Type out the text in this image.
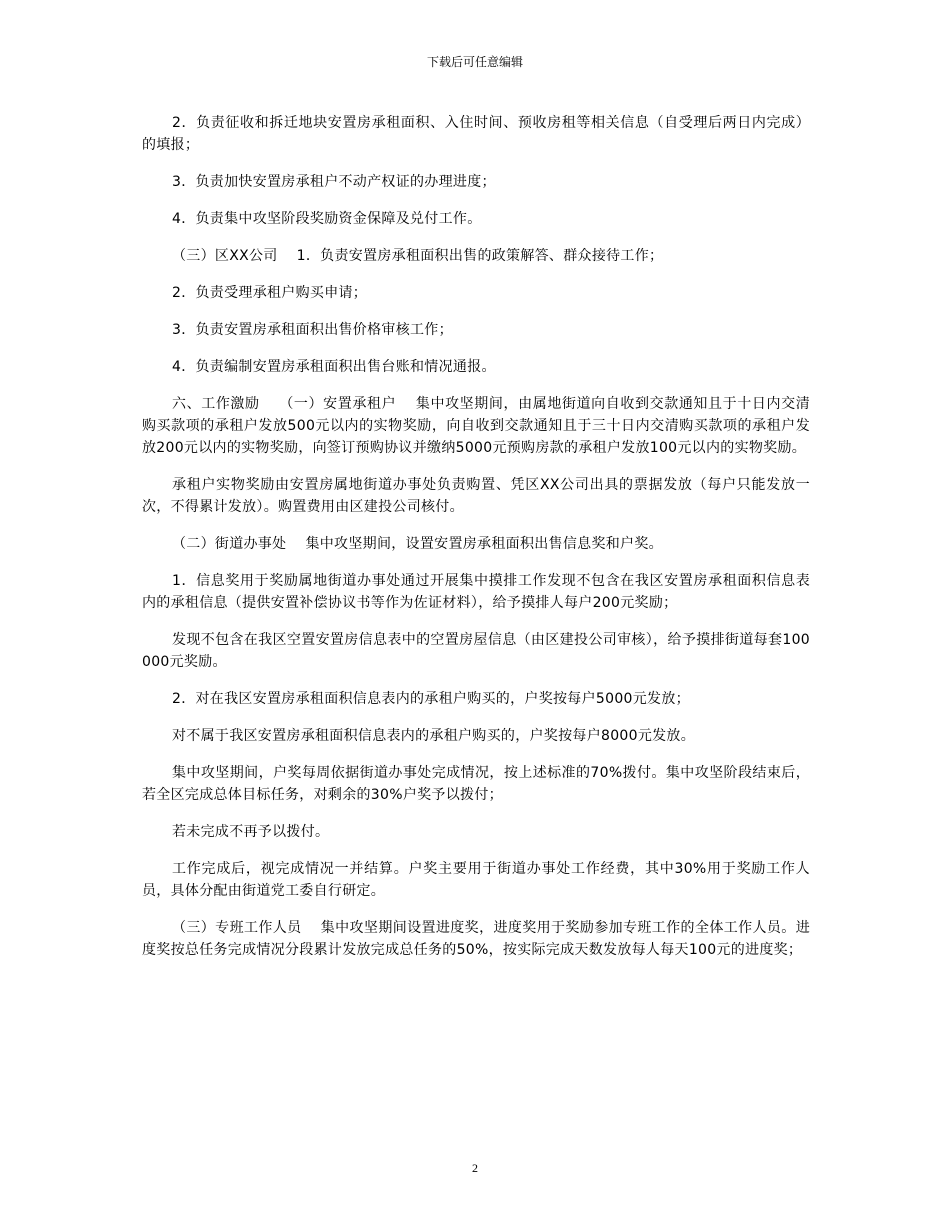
下载后可任意编辑

2．负责征收和拆迁地块安置房承租面积、入住时间、预收房租等相关信息（自受理后两日内完成）的填报；

3．负责加快安置房承租户不动产权证的办理进度；

4．负责集中攻坚阶段奖励资金保障及兑付工作。

（三）区XX公司　 1．负责安置房承租面积出售的政策解答、群众接待工作；

2．负责受理承租户购买申请；

3．负责安置房承租面积出售价格审核工作；

4．负责编制安置房承租面积出售台账和情况通报。

六、工作激励　 （一）安置承租户　 集中攻坚期间，由属地街道向自收到交款通知且于十日内交清购买款项的承租户发放500元以内的实物奖励，向自收到交款通知且于三十日内交清购买款项的承租户发放200元以内的实物奖励，向签订预购协议并缴纳5000元预购房款的承租户发放100元以内的实物奖励。

承租户实物奖励由安置房属地街道办事处负责购置、凭区XX公司出具的票据发放（每户只能发放一次，不得累计发放）。购置费用由区建投公司核付。

（二）街道办事处　 集中攻坚期间，设置安置房承租面积出售信息奖和户奖。

1．信息奖用于奖励属地街道办事处通过开展集中摸排工作发现不包含在我区安置房承租面积信息表内的承租信息（提供安置补偿协议书等作为佐证材料），给予摸排人每户200元奖励；

发现不包含在我区空置安置房信息表中的空置房屋信息（由区建投公司审核），给予摸排街道每套100000元奖励。

2．对在我区安置房承租面积信息表内的承租户购买的，户奖按每户5000元发放；

对不属于我区安置房承租面积信息表内的承租户购买的，户奖按每户8000元发放。

集中攻坚期间，户奖每周依据街道办事处完成情况，按上述标准的70%拨付。集中攻坚阶段结束后，若全区完成总体目标任务，对剩余的30%户奖予以拨付；

若未完成不再予以拨付。

工作完成后，视完成情况一并结算。户奖主要用于街道办事处工作经费，其中30%用于奖励工作人员，具体分配由街道党工委自行研定。

（三）专班工作人员　 集中攻坚期间设置进度奖，进度奖用于奖励参加专班工作的全体工作人员。进度奖按总任务完成情况分段累计发放完成总任务的50%，按实际完成天数发放每人每天100元的进度奖；

2
